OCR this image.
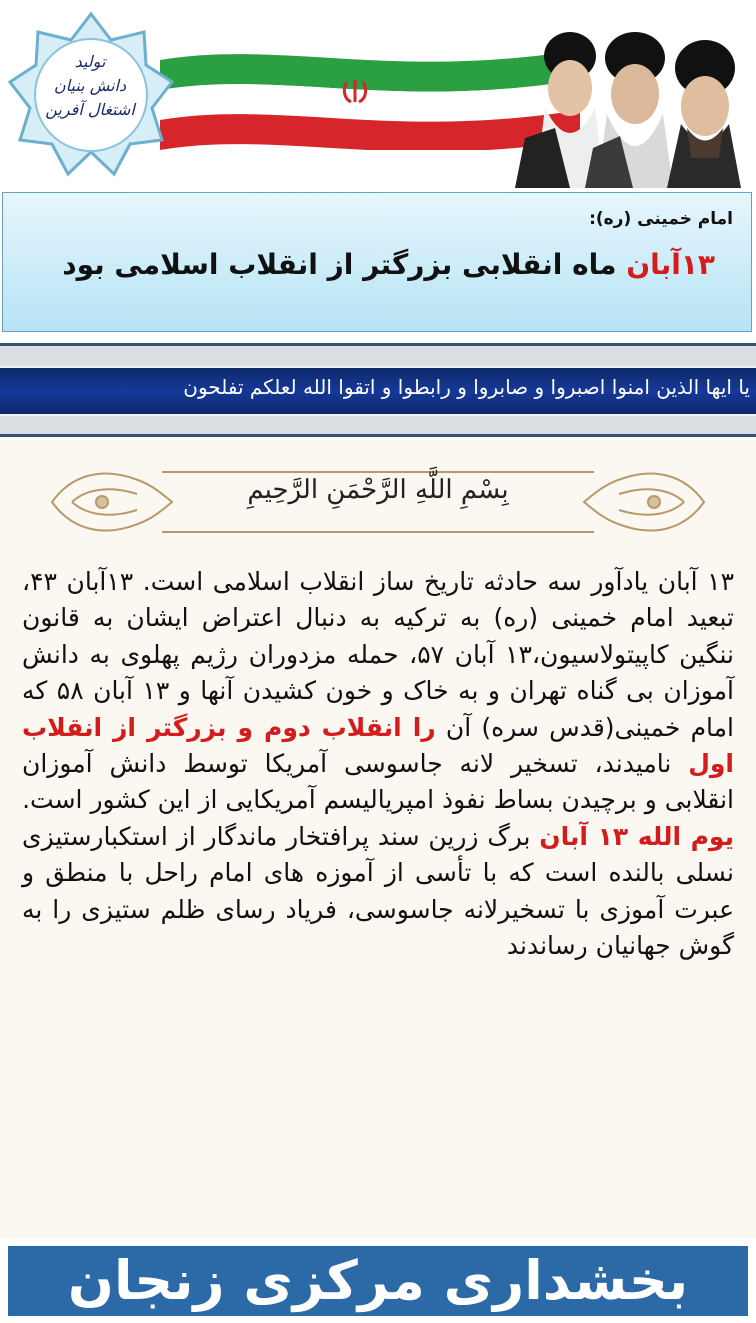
تولید
دانش بنیان
اشتغال آفرین
امام خمینی (ره):
۱۳آبان ماه انقلابی بزرگتر از انقلاب اسلامی بود
یا ایها الذین امنوا اصبروا و صابروا و رابطوا و اتقوا الله لعلکم تفلحون
بِسْمِ اللَّهِ الرَّحْمَنِ الرَّحِیمِ
۱۳ آبان یادآور سه حادثه تاریخ ساز انقلاب اسلامی است. ۱۳آبان ۴۳، تبعید امام خمینی (ره) به ترکیه به دنبال اعتراض ایشان به قانون ننگین کاپیتولاسیون،۱۳ آبان ۵۷، حمله مزدوران رژیم پهلوی به دانش آموزان بی گناه تهران و به خاک و خون کشیدن آنها و ۱۳ آبان ۵۸ که امام خمینی(قدس سره) آن را انقلاب دوم و بزرگتر از انقلاب اول نامیدند، تسخیر لانه جاسوسی آمریکا توسط دانش آموزان انقلابی و برچیدن بساط نفوذ امپریالیسم آمریکایی از این کشور است.
یوم الله ۱۳ آبان برگ زرین سند پرافتخار ماندگار از استکبارستیزی نسلی بالنده است که با تأسی از آموزه های امام راحل با منطق و عبرت آموزی با تسخیرلانه جاسوسی، فریاد رسای ظلم ستیزی را به گوش جهانیان رساندند
بخشداری مرکزی زنجان
